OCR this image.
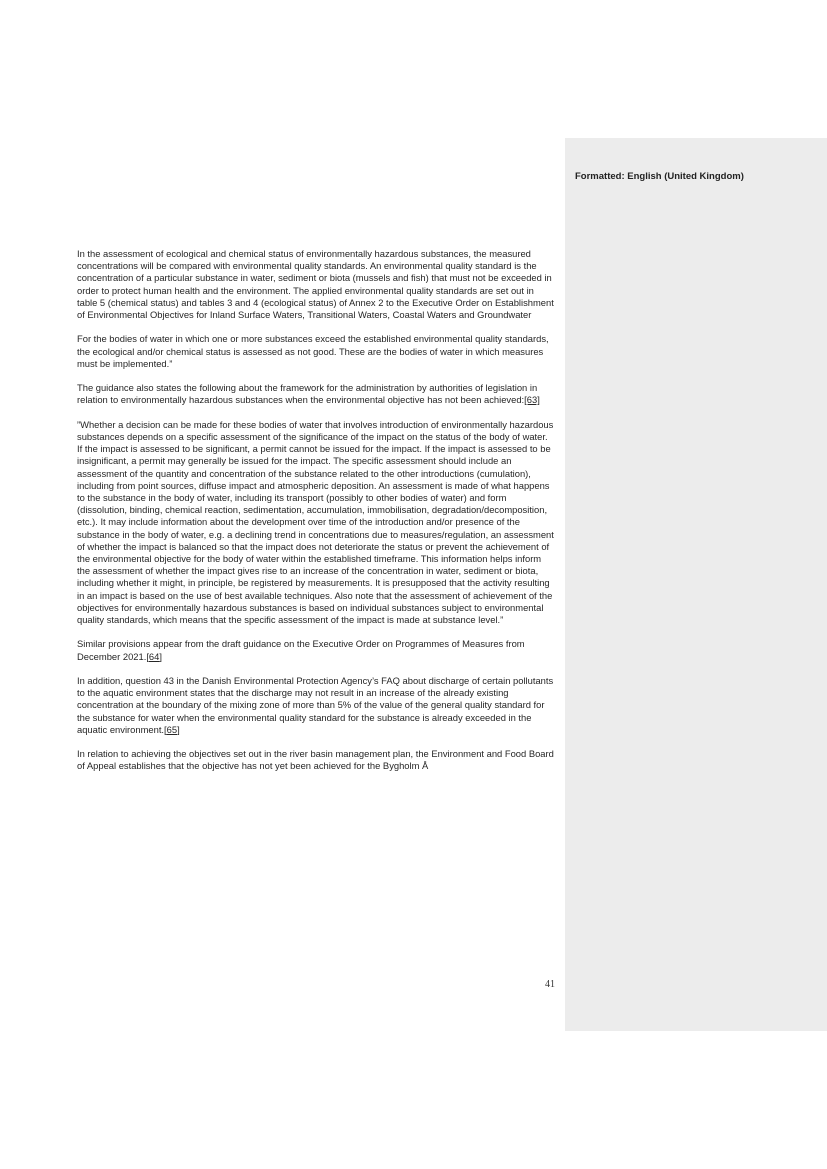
Formatted: English (United Kingdom)

In the assessment of ecological and chemical status of environmentally hazardous substances, the measured concentrations will be compared with environmental quality standards. An environmental quality standard is the concentration of a particular substance in water, sediment or biota (mussels and fish) that must not be exceeded in order to protect human health and the environment. The applied environmental quality standards are set out in table 5 (chemical status) and tables 3 and 4 (ecological status) of Annex 2 to the Executive Order on Establishment of Environmental Objectives for Inland Surface Waters, Transitional Waters, Coastal Waters and Groundwater

For the bodies of water in which one or more substances exceed the established environmental quality standards, the ecological and/or chemical status is assessed as not good. These are the bodies of water in which measures must be implemented.”

The guidance also states the following about the framework for the administration by authorities of legislation in relation to environmentally hazardous substances when the environmental objective has not been achieved:[63]

”Whether a decision can be made for these bodies of water that involves introduction of environmentally hazardous substances depends on a specific assessment of the significance of the impact on the status of the body of water. If the impact is assessed to be significant, a permit cannot be issued for the impact. If the impact is assessed to be insignificant, a permit may generally be issued for the impact. The specific assessment should include an assessment of the quantity and concentration of the substance related to the other introductions (cumulation), including from point sources, diffuse impact and atmospheric deposition. An assessment is made of what happens to the substance in the body of water, including its transport (possibly to other bodies of water) and form (dissolution, binding, chemical reaction, sedimentation, accumulation, immobilisation, degradation/decomposition, etc.). It may include information about the development over time of the introduction and/or presence of the substance in the body of water, e.g. a declining trend in concentrations due to measures/regulation, an assessment of whether the impact is balanced so that the impact does not deteriorate the status or prevent the achievement of the environmental objective for the body of water within the established timeframe. This information helps inform the assessment of whether the impact gives rise to an increase of the concentration in water, sediment or biota, including whether it might, in principle, be registered by measurements. It is presupposed that the activity resulting in an impact is based on the use of best available techniques. Also note that the assessment of achievement of the objectives for environmentally hazardous substances is based on individual substances subject to environmental quality standards, which means that the specific assessment of the impact is made at substance level.”

Similar provisions appear from the draft guidance on the Executive Order on Programmes of Measures from December 2021.[64]

In addition, question 43 in the Danish Environmental Protection Agency’s FAQ about discharge of certain pollutants to the aquatic environment states that the discharge may not result in an increase of the already existing concentration at the boundary of the mixing zone of more than 5% of the value of the general quality standard for the substance for water when the environmental quality standard for the substance is already exceeded in the aquatic environment.[65]

In relation to achieving the objectives set out in the river basin management plan, the Environment and Food Board of Appeal establishes that the objective has not yet been achieved for the Bygholm Å

41
